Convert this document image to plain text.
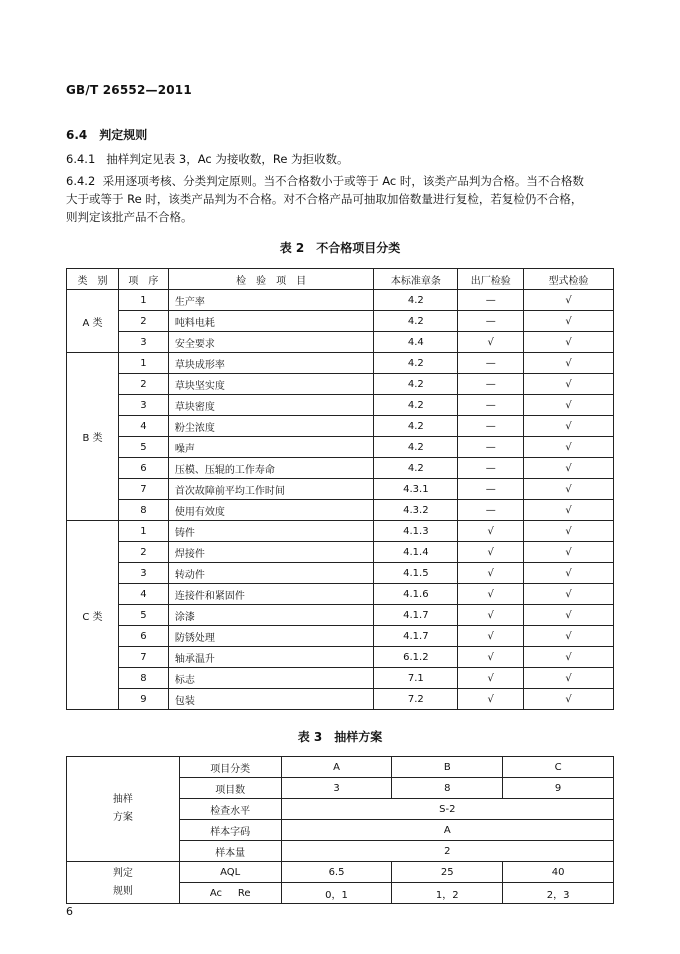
GB/T 26552—2011
6.4　判定规则
6.4.1 抽样判定见表 3，Ac 为接收数，Re 为拒收数。
6.4.2 采用逐项考核、分类判定原则。当不合格数小于或等于 Ac 时，该类产品判为合格。当不合格数
大于或等于 Re 时，该类产品判为不合格。对不合格产品可抽取加倍数量进行复检，若复检仍不合格，
则判定该批产品不合格。
表 2　不合格项目分类
类　别	项　序	检　验　项　目	本标准章条	出厂检验	型式检验
A 类	1	生产率	4.2	—	√
	2	吨料电耗	4.2	—	√
	3	安全要求	4.4	√	√
B 类	1	草块成形率	4.2	—	√
	2	草块坚实度	4.2	—	√
	3	草块密度	4.2	—	√
	4	粉尘浓度	4.2	—	√
	5	噪声	4.2	—	√
	6	压模、压辊的工作寿命	4.2	—	√
	7	首次故障前平均工作时间	4.3.1	—	√
	8	使用有效度	4.3.2	—	√
C 类	1	铸件	4.1.3	√	√
	2	焊接件	4.1.4	√	√
	3	转动件	4.1.5	√	√
	4	连接件和紧固件	4.1.6	√	√
	5	涂漆	4.1.7	√	√
	6	防锈处理	4.1.7	√	√
	7	轴承温升	6.1.2	√	√
	8	标志	7.1	√	√
	9	包装	7.2	√	√
表 3　抽样方案
抽样
方案	项目分类	A	B	C
	项目数	3	8	9
	检查水平	S-2		
	样本字码	A		
	样本量	2		

判定
规则	AQL	6.5	25	40
	Ac Re	0，1	1，2	2，3
6
